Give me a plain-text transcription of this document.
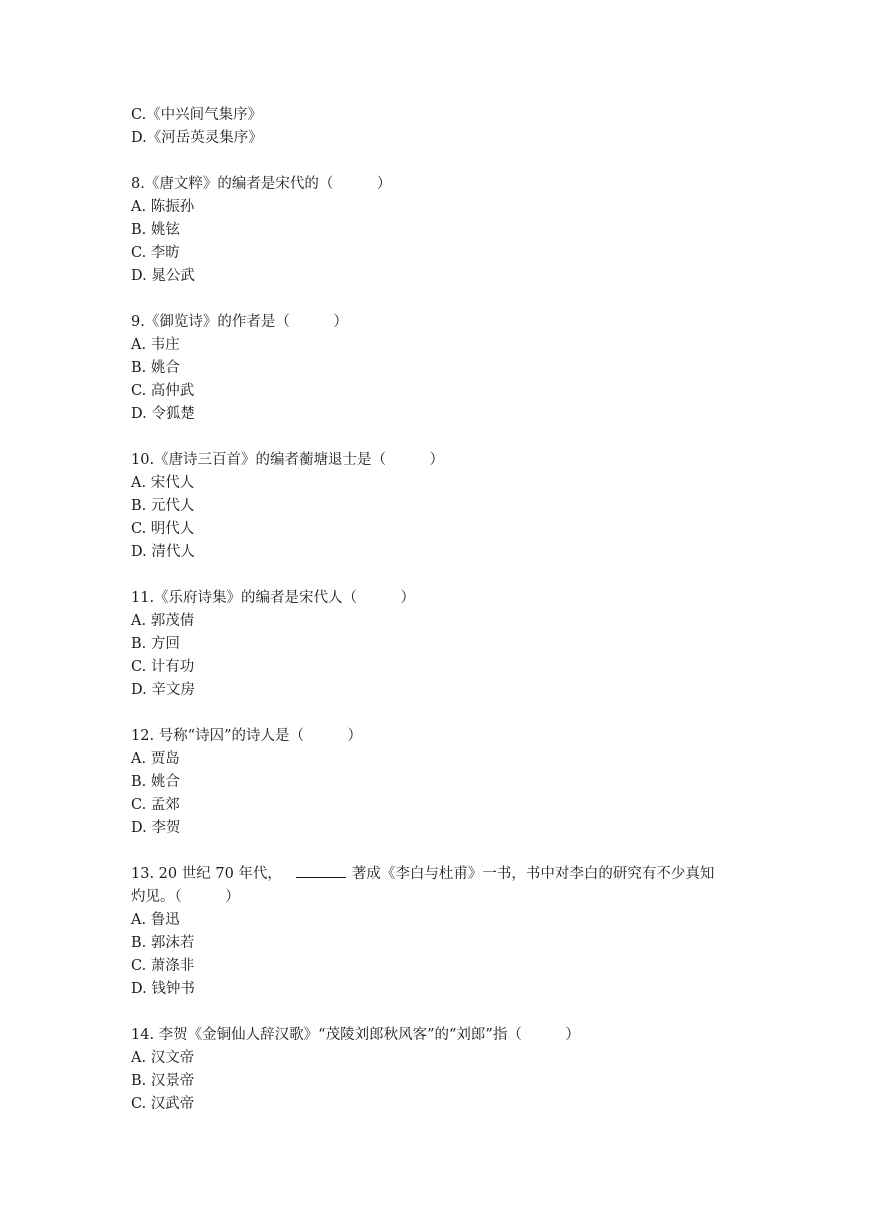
C.《中兴间气集序》
D.《河岳英灵集序》
8.《唐文粹》的编者是宋代的（　　　）
A. 陈振孙
B. 姚铉
C. 李昉
D. 晁公武
9.《御览诗》的作者是（　　　）
A. 韦庄
B. 姚合
C. 高仲武
D. 令狐楚
10.《唐诗三百首》的编者蘅塘退士是（　　　）
A. 宋代人
B. 元代人
C. 明代人
D. 清代人
11.《乐府诗集》的编者是宋代人（　　　）
A. 郭茂倩
B. 方回
C. 计有功
D. 辛文房
12. 号称“诗囚”的诗人是（　　　）
A. 贾岛
B. 姚合
C. 孟郊
D. 李贺
13. 20 世纪 70 年代，	著成《李白与杜甫》一书，书中对李白的研究有不少真知
灼见。（　　　）
A. 鲁迅
B. 郭沫若
C. 萧涤非
D. 钱钟书
14. 李贺《金铜仙人辞汉歌》“茂陵刘郎秋风客”的“刘郎”指（　　　）
A. 汉文帝
B. 汉景帝
C. 汉武帝
